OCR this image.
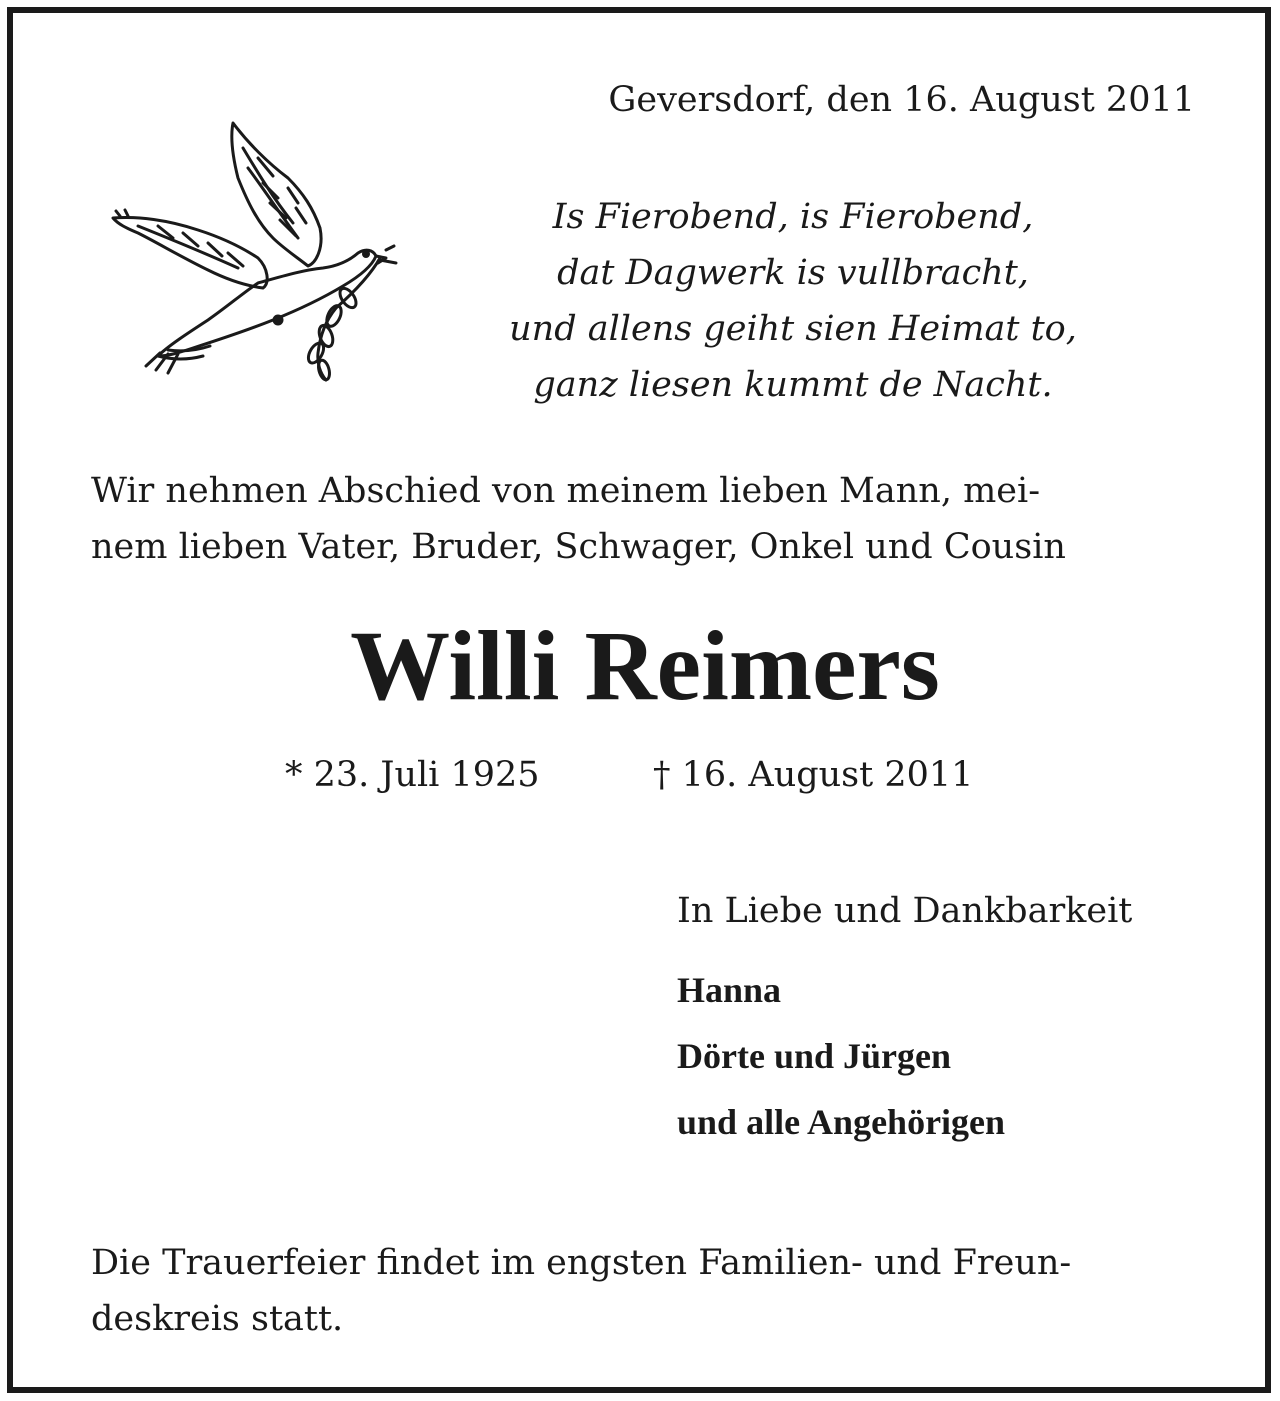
Geversdorf, den 16. August 2011

Is Fierobend, is Fierobend,
dat Dagwerk is vullbracht,
und allens geiht sien Heimat to,
ganz liesen kummt de Nacht.
Wir nehmen Abschied von meinem lieben Mann, mei-
nem lieben Vater, Bruder, Schwager, Onkel und Cousin
Willi Reimers

* 23. Juli 1925	† 16. August 2011

In Liebe und Dankbarkeit

Hanna
Dörte und Jürgen
und alle Angehörigen
Die Trauerfeier findet im engsten Familien- und Freun-
deskreis statt.
